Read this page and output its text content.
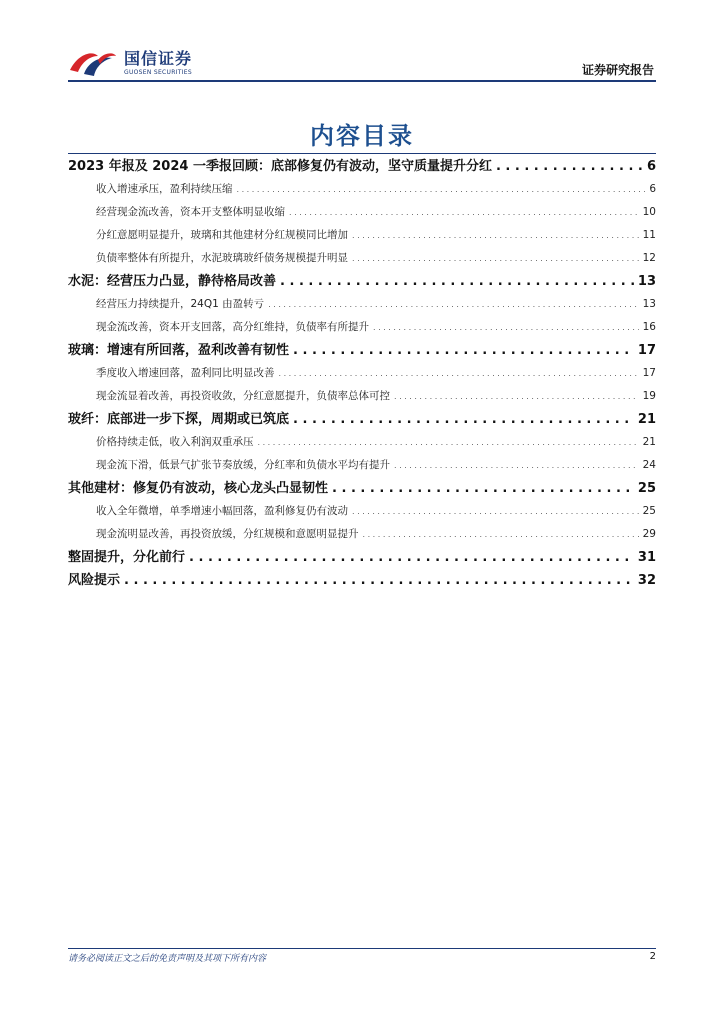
国信证券
GUOSEN SECURITIES	证券研究报告
内容目录
2023 年报及 2024 一季报回顾：底部修复仍有波动，坚守质量提升分红 . . .	6
收入增速承压，盈利持续压缩 . . .	6
经营现金流改善，资本开支整体明显收缩 . . .	10
分红意愿明显提升，玻璃和其他建材分红规模同比增加 . . .	11
负债率整体有所提升，水泥玻璃玻纤债务规模提升明显 . . .	12
水泥：经营压力凸显，静待格局改善 . . .	13
经营压力持续提升，24Q1 由盈转亏 . . .	13
现金流改善，资本开支回落，高分红维持，负债率有所提升 . . .	16
玻璃：增速有所回落，盈利改善有韧性 . . .	17
季度收入增速回落，盈利同比明显改善 . . .	17
现金流显着改善，再投资收敛，分红意愿提升，负债率总体可控 . . .	19
玻纤：底部进一步下探，周期或已筑底 . . .	21
价格持续走低，收入利润双重承压 . . .	21
现金流下滑，低景气扩张节奏放缓，分红率和负债水平均有提升 . . .	24
其他建材：修复仍有波动，核心龙头凸显韧性 . . .	25
收入全年微增，单季增速小幅回落，盈利修复仍有波动 . . .	25
现金流明显改善，再投资放缓，分红规模和意愿明显提升 . . .	29
整固提升，分化前行 . . .	31
风险提示 . . .	32
请务必阅读正文之后的免责声明及其项下所有内容	2
